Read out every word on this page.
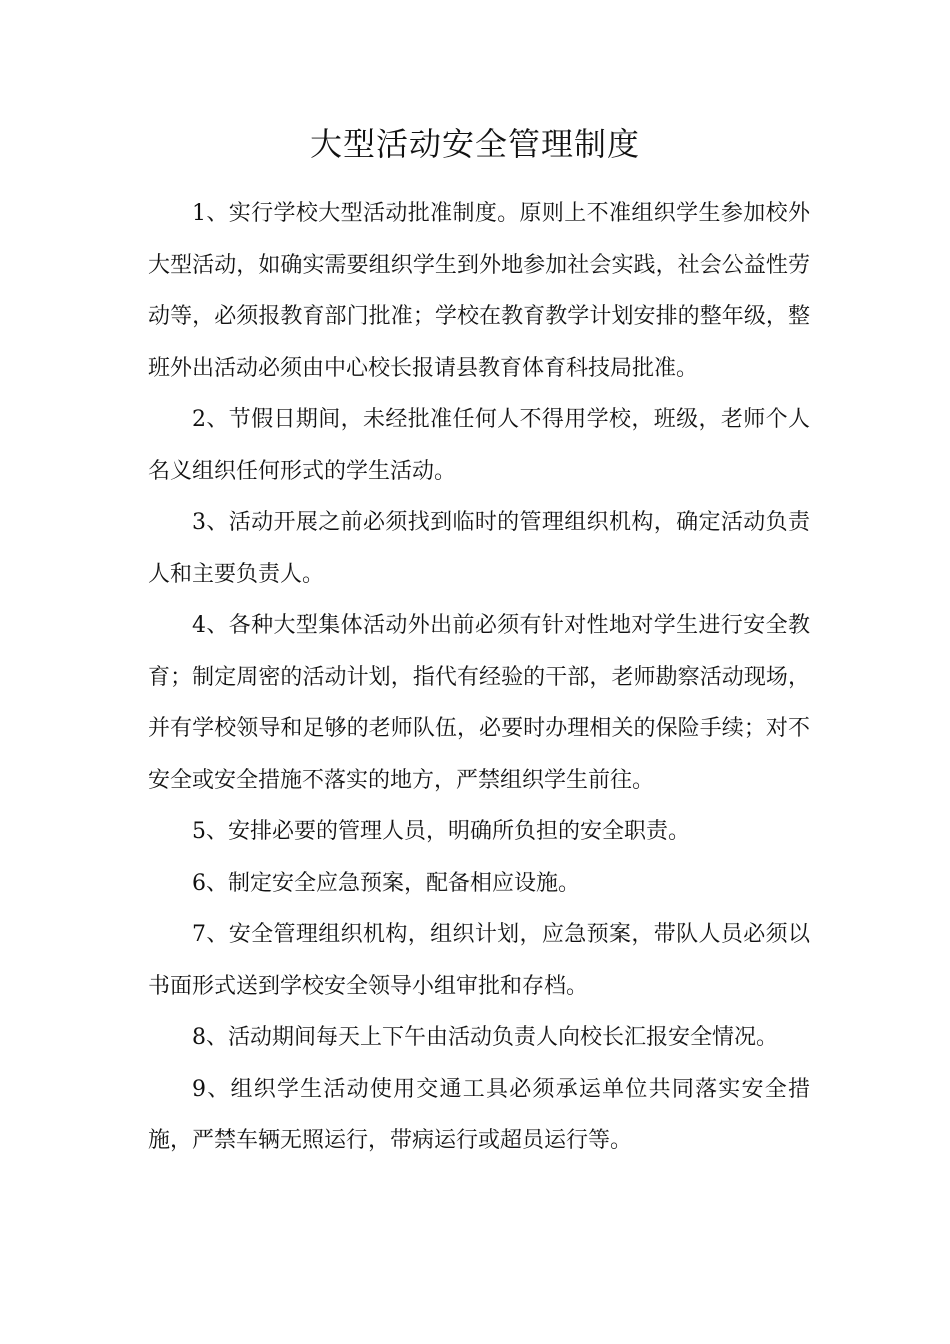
大型活动安全管理制度

1、实行学校大型活动批准制度。原则上不准组织学生参加校外大型活动，如确实需要组织学生到外地参加社会实践，社会公益性劳动等，必须报教育部门批准；学校在教育教学计划安排的整年级，整班外出活动必须由中心校长报请县教育体育科技局批准。

2、节假日期间，未经批准任何人不得用学校，班级，老师个人名义组织任何形式的学生活动。

3、活动开展之前必须找到临时的管理组织机构，确定活动负责人和主要负责人。

4、各种大型集体活动外出前必须有针对性地对学生进行安全教育；制定周密的活动计划，指代有经验的干部，老师勘察活动现场，并有学校领导和足够的老师队伍，必要时办理相关的保险手续；对不安全或安全措施不落实的地方，严禁组织学生前往。

5、安排必要的管理人员，明确所负担的安全职责。

6、制定安全应急预案，配备相应设施。

7、安全管理组织机构，组织计划，应急预案，带队人员必须以书面形式送到学校安全领导小组审批和存档。

8、活动期间每天上下午由活动负责人向校长汇报安全情况。

9、组织学生活动使用交通工具必须承运单位共同落实安全措施，严禁车辆无照运行，带病运行或超员运行等。
